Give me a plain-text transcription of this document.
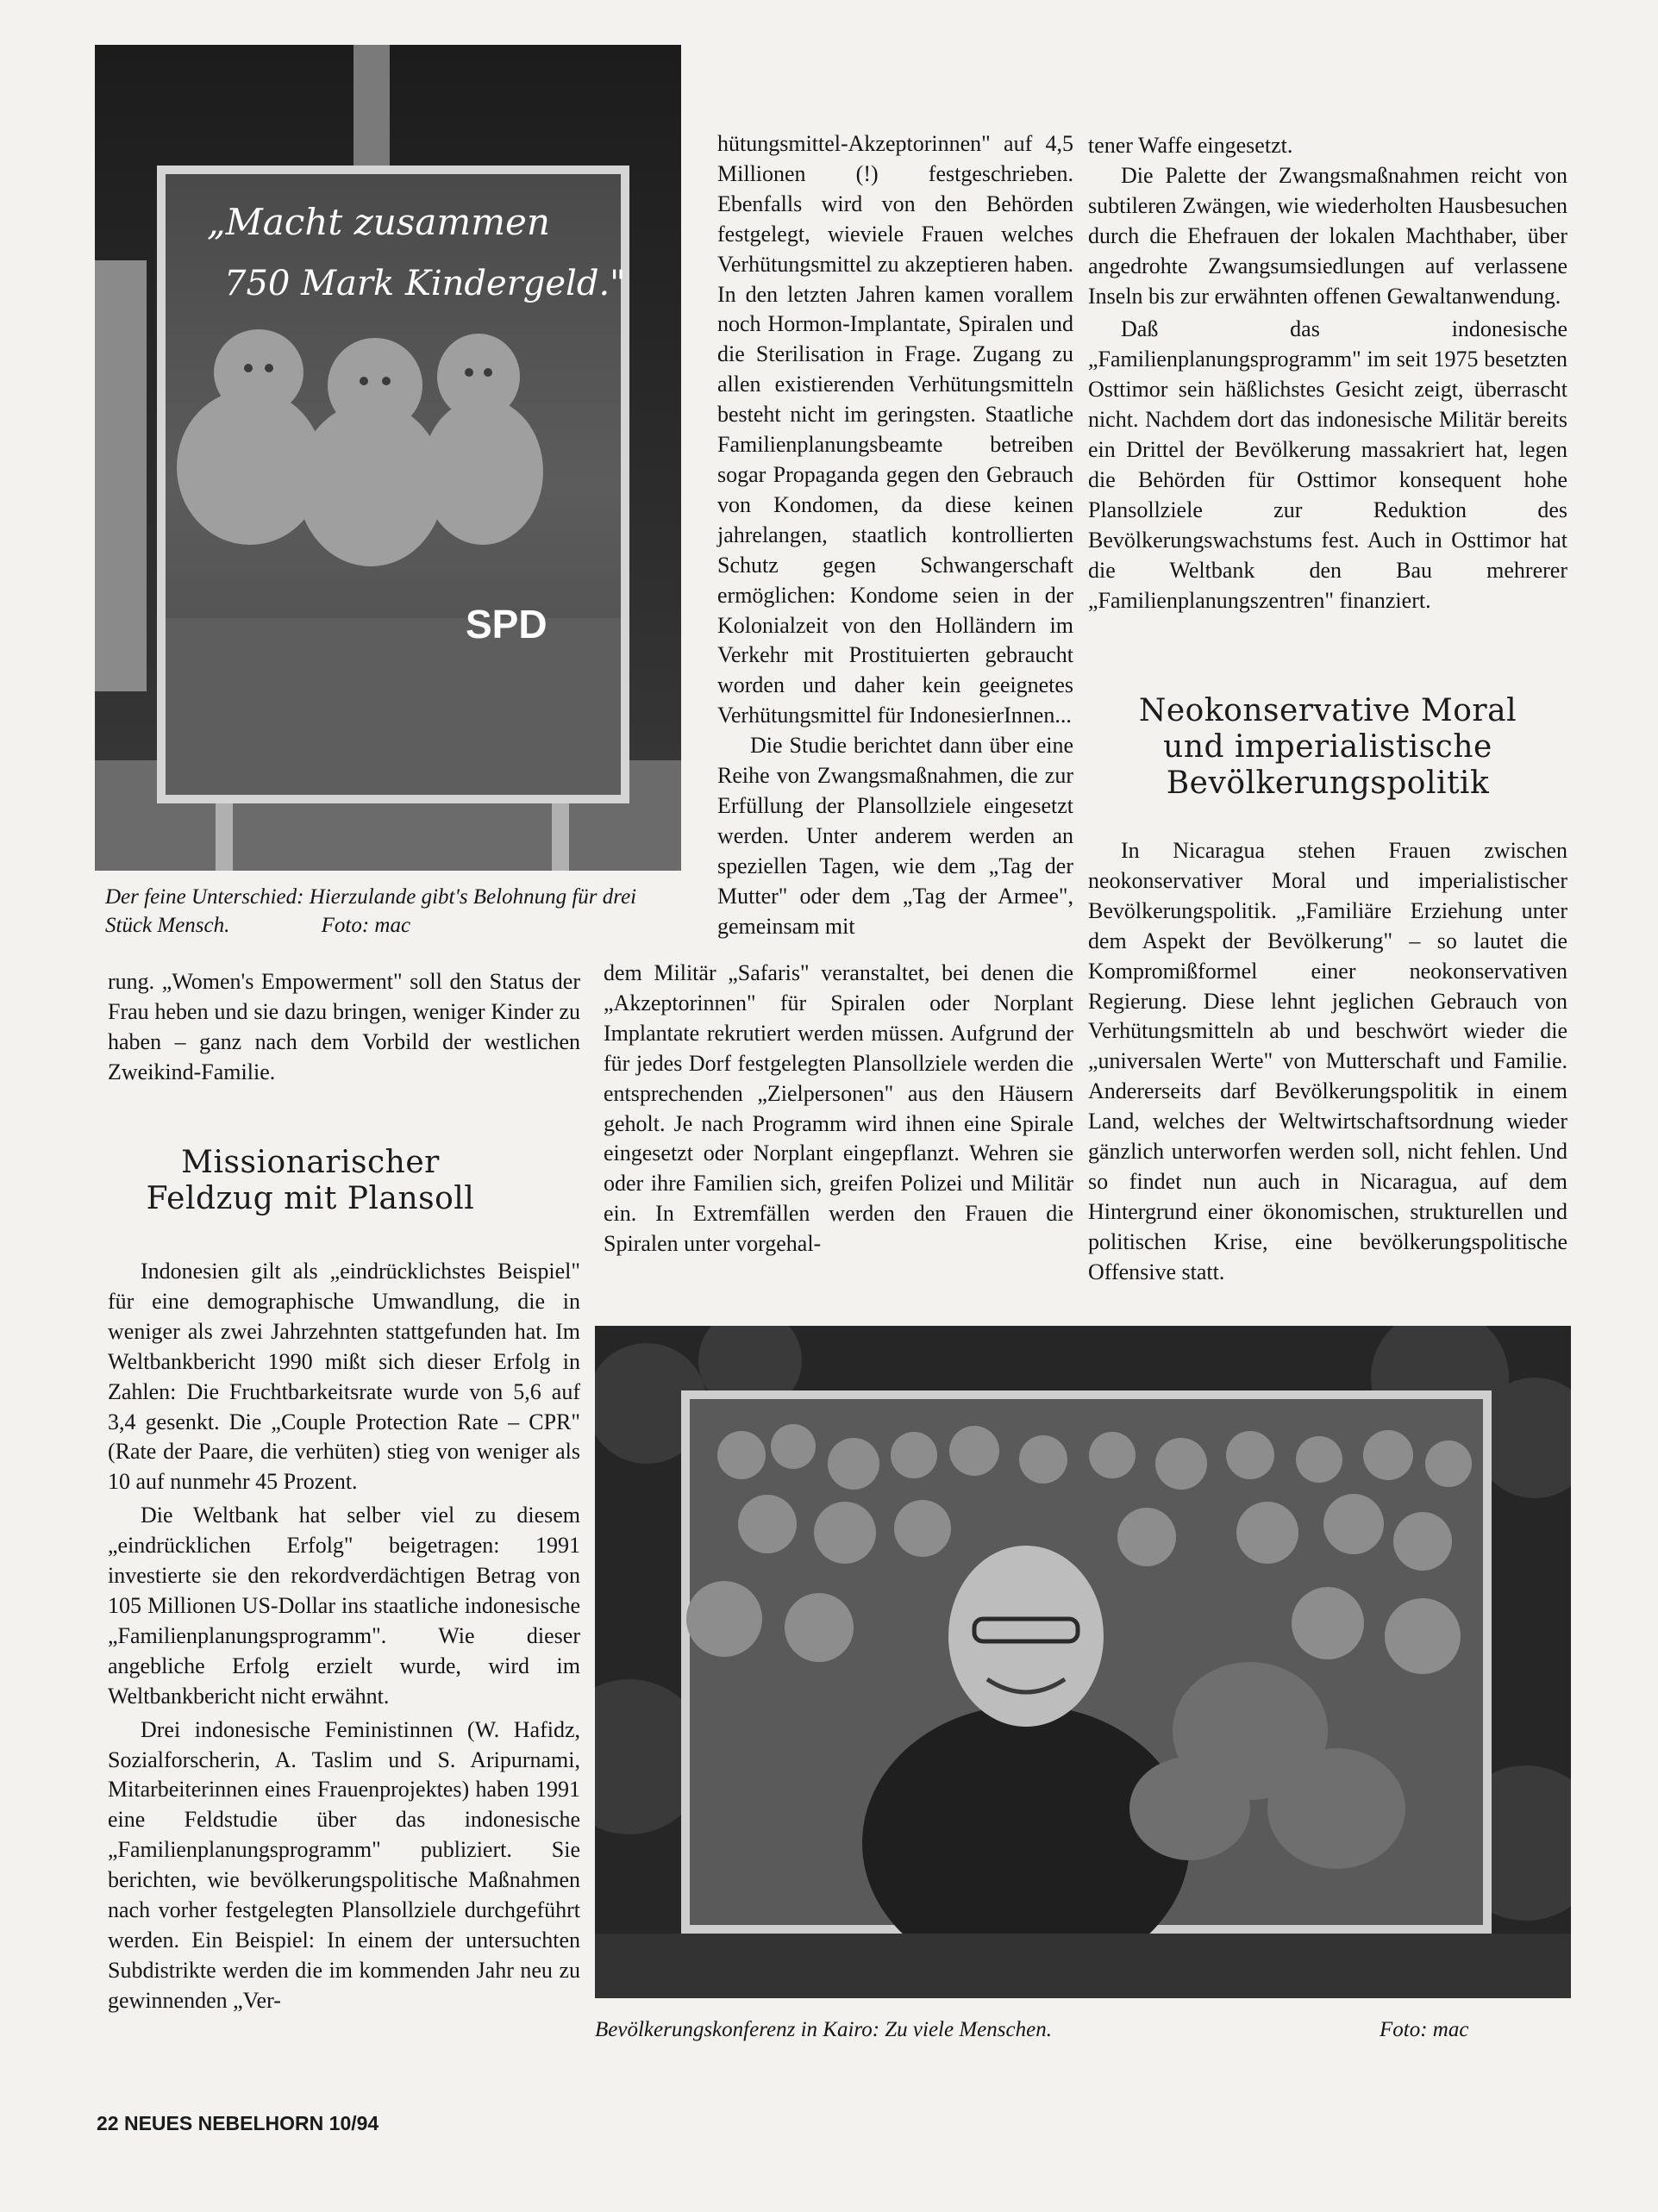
„Macht zusammen
750 Mark Kindergeld."
SPD
Der feine Unterschied: Hierzulande gibt's Belohnung für drei Stück Mensch.	Foto: mac

rung. „Women's Empowerment" soll den Status der Frau heben und sie dazu bringen, weniger Kinder zu haben – ganz nach dem Vorbild der westlichen Zweikind-Familie.

Missionarischer Feldzug mit Plansoll

Indonesien gilt als „eindrücklichstes Beispiel" für eine demographische Umwandlung, die in weniger als zwei Jahrzehnten stattgefunden hat. Im Weltbankbericht 1990 mißt sich dieser Erfolg in Zahlen: Die Fruchtbarkeitsrate wurde von 5,6 auf 3,4 gesenkt. Die „Couple Protection Rate – CPR" (Rate der Paare, die verhüten) stieg von weniger als 10 auf nunmehr 45 Prozent.

Die Weltbank hat selber viel zu diesem „eindrücklichen Erfolg" beigetragen: 1991 investierte sie den rekordverdächtigen Betrag von 105 Millionen US-Dollar ins staatliche indonesische „Familienplanungsprogramm". Wie dieser angebliche Erfolg erzielt wurde, wird im Weltbankbericht nicht erwähnt.

Drei indonesische Feministinnen (W. Hafidz, Sozialforscherin, A. Taslim und S. Aripurnami, Mitarbeiterinnen eines Frauenprojektes) haben 1991 eine Feldstudie über das indonesische „Familienplanungsprogramm" publiziert. Sie berichten, wie bevölkerungspolitische Maßnahmen nach vorher festgelegten Plansollziele durchgeführt werden. Ein Beispiel: In einem der untersuchten Subdistrikte werden die im kommenden Jahr neu zu gewinnenden „Ver-

hütungsmittel-Akzeptorinnen" auf 4,5 Millionen (!) festgeschrieben. Ebenfalls wird von den Behörden festgelegt, wieviele Frauen welches Verhütungsmittel zu akzeptieren haben. In den letzten Jahren kamen vorallem noch Hormon-Implantate, Spiralen und die Sterilisation in Frage. Zugang zu allen existierenden Verhütungsmitteln besteht nicht im geringsten. Staatliche Familienplanungsbeamte betreiben sogar Propaganda gegen den Gebrauch von Kondomen, da diese keinen jahrelangen, staatlich kontrollierten Schutz gegen Schwangerschaft ermöglichen: Kondome seien in der Kolonialzeit von den Holländern im Verkehr mit Prostituierten gebraucht worden und daher kein geeignetes Verhütungsmittel für IndonesierInnen...

Die Studie berichtet dann über eine Reihe von Zwangsmaßnahmen, die zur Erfüllung der Plansollziele eingesetzt werden. Unter anderem werden an speziellen Tagen, wie dem „Tag der Mutter" oder dem „Tag der Armee", gemeinsam mit

dem Militär „Safaris" veranstaltet, bei denen die „Akzeptorinnen" für Spiralen oder Norplant Implantate rekrutiert werden müssen. Aufgrund der für jedes Dorf festgelegten Plansollziele werden die entsprechenden „Zielpersonen" aus den Häusern geholt. Je nach Programm wird ihnen eine Spirale eingesetzt oder Norplant eingepflanzt. Wehren sie oder ihre Familien sich, greifen Polizei und Militär ein. In Extremfällen werden den Frauen die Spiralen unter vorgehal-

tener Waffe eingesetzt.

Die Palette der Zwangsmaßnahmen reicht von subtileren Zwängen, wie wiederholten Hausbesuchen durch die Ehefrauen der lokalen Machthaber, über angedrohte Zwangsumsiedlungen auf verlassene Inseln bis zur erwähnten offenen Gewaltanwendung.

Daß das indonesische „Familienplanungsprogramm" im seit 1975 besetzten Osttimor sein häßlichstes Gesicht zeigt, überrascht nicht. Nachdem dort das indonesische Militär bereits ein Drittel der Bevölkerung massakriert hat, legen die Behörden für Osttimor konsequent hohe Plansollziele zur Reduktion des Bevölkerungswachstums fest. Auch in Osttimor hat die Weltbank den Bau mehrerer „Familienplanungszentren" finanziert.

Neokonservative Moral und imperialistische Bevölkerungspolitik

In Nicaragua stehen Frauen zwischen neokonservativer Moral und imperialistischer Bevölkerungspolitik. „Familiäre Erziehung unter dem Aspekt der Bevölkerung" – so lautet die Kompromißformel einer neokonservativen Regierung. Diese lehnt jeglichen Gebrauch von Verhütungsmitteln ab und beschwört wieder die „universalen Werte" von Mutterschaft und Familie. Andererseits darf Bevölkerungspolitik in einem Land, welches der Weltwirtschaftsordnung wieder gänzlich unterworfen werden soll, nicht fehlen. Und so findet nun auch in Nicaragua, auf dem Hintergrund einer ökonomischen, strukturellen und politischen Krise, eine bevölkerungspolitische Offensive statt.

Bevölkerungskonferenz in Kairo: Zu viele Menschen.	Foto: mac
22 NEUES NEBELHORN 10/94
